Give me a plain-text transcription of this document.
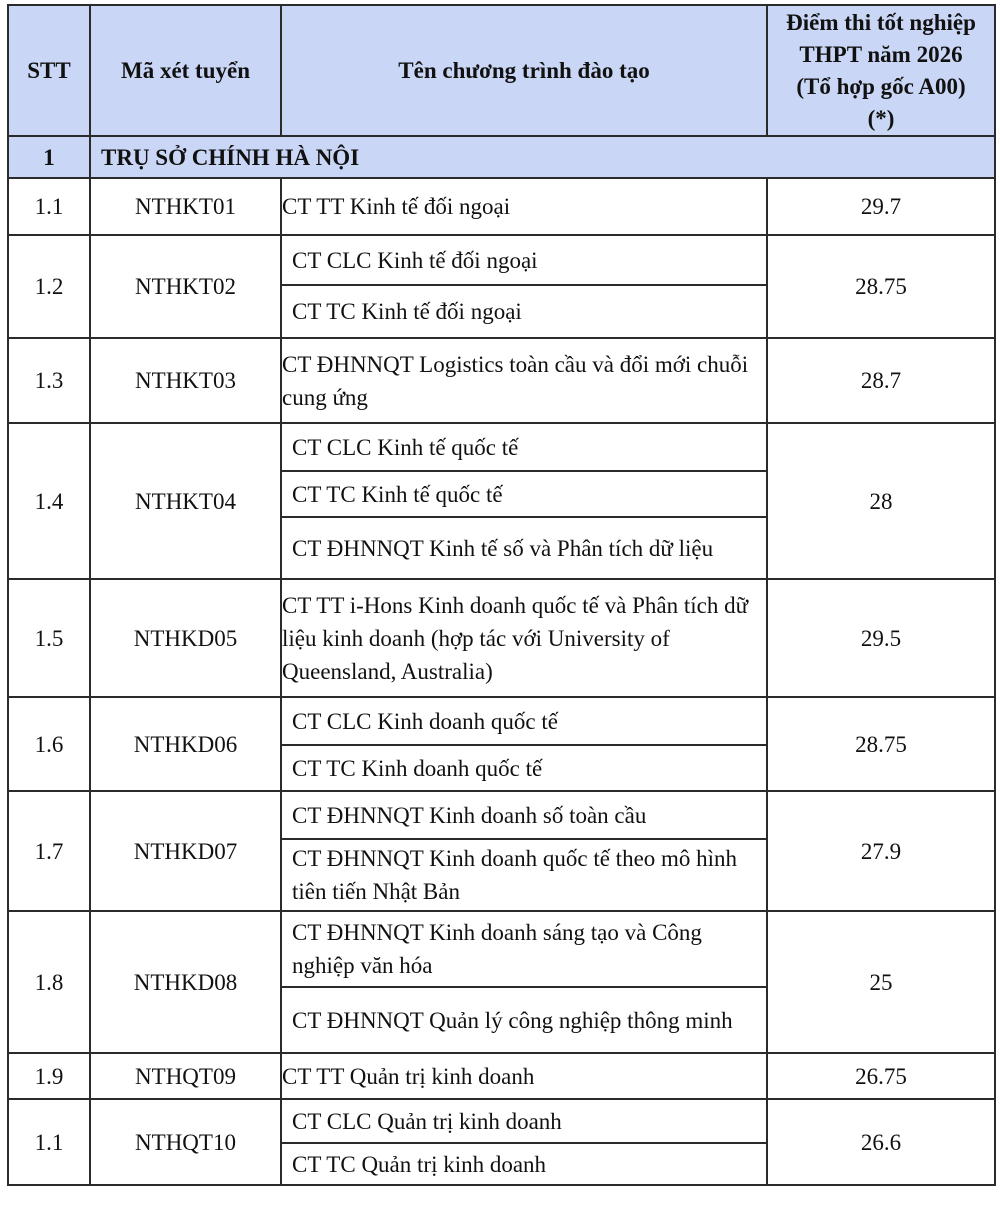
STT	Mã xét tuyển	Tên chương trình đào tạo	Điểm thi tốt nghiệp
THPT năm 2026
(Tổ hợp gốc A00)
(*)

1	TRỤ SỞ CHÍNH HÀ NỘI		
1.1	NTHKT01	CT TT Kinh tế đối ngoại	29.7
1.2	NTHKT02	CT CLC Kinh tế đối ngoại
CT TC Kinh tế đối ngoại	28.75
1.3	NTHKT03	CT ĐHNNQT Logistics toàn cầu và đổi mới chuỗi cung ứng	28.7
1.4	NTHKT04	CT CLC Kinh tế quốc tế
CT TC Kinh tế quốc tế
CT ĐHNNQT Kinh tế số và Phân tích dữ liệu	28
1.5	NTHKD05	CT TT i-Hons Kinh doanh quốc tế và Phân tích dữ liệu kinh doanh (hợp tác với University of Queensland, Australia)	29.5
1.6	NTHKD06	CT CLC Kinh doanh quốc tế
CT TC Kinh doanh quốc tế	28.75
1.7	NTHKD07	CT ĐHNNQT Kinh doanh số toàn cầu
CT ĐHNNQT Kinh doanh quốc tế theo mô hình tiên tiến Nhật Bản	27.9
1.8	NTHKD08	CT ĐHNNQT Kinh doanh sáng tạo và Công nghiệp văn hóa
CT ĐHNNQT Quản lý công nghiệp thông minh	25
1.9	NTHQT09	CT TT Quản trị kinh doanh	26.75
1.1	NTHQT10	CT CLC Quản trị kinh doanh
CT TC Quản trị kinh doanh	26.6
